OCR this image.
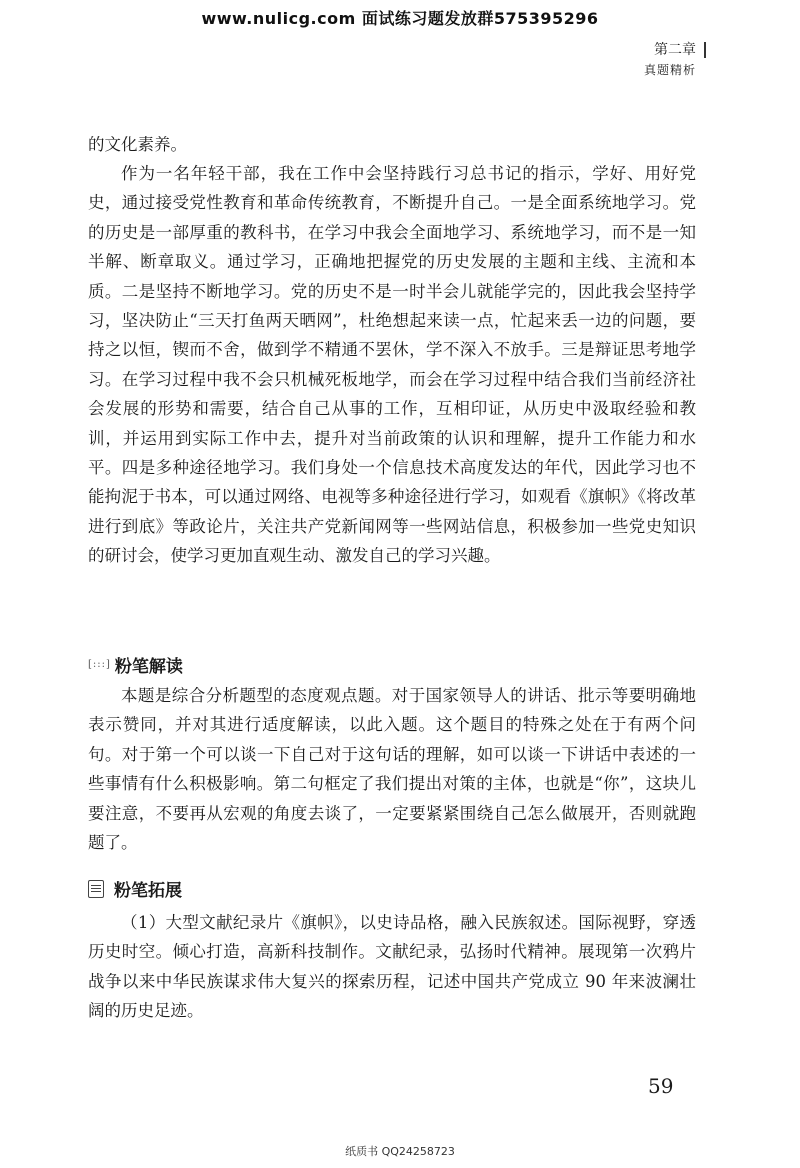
www.nulicg.com 面试练习题发放群575395296
第二章
真题精析

的文化素养。

作为一名年轻干部，我在工作中会坚持践行习总书记的指示，学好、用好党史，通过接受党性教育和革命传统教育，不断提升自己。一是全面系统地学习。党的历史是一部厚重的教科书，在学习中我会全面地学习、系统地学习，而不是一知半解、断章取义。通过学习，正确地把握党的历史发展的主题和主线、主流和本质。二是坚持不断地学习。党的历史不是一时半会儿就能学完的，因此我会坚持学习，坚决防止“三天打鱼两天晒网”，杜绝想起来读一点，忙起来丢一边的问题，要持之以恒，锲而不舍，做到学不精通不罢休，学不深入不放手。三是辩证思考地学习。在学习过程中我不会只机械死板地学，而会在学习过程中结合我们当前经济社会发展的形势和需要，结合自己从事的工作，互相印证，从历史中汲取经验和教训，并运用到实际工作中去，提升对当前政策的认识和理解，提升工作能力和水平。四是多种途径地学习。我们身处一个信息技术高度发达的年代，因此学习也不能拘泥于书本，可以通过网络、电视等多种途径进行学习，如观看《旗帜》《将改革进行到底》等政论片，关注共产党新闻网等一些网站信息，积极参加一些党史知识的研讨会，使学习更加直观生动、激发自己的学习兴趣。

[:::] 粉笔解读

本题是综合分析题型的态度观点题。对于国家领导人的讲话、批示等要明确地表示赞同，并对其进行适度解读，以此入题。这个题目的特殊之处在于有两个问句。对于第一个可以谈一下自己对于这句话的理解，如可以谈一下讲话中表述的一些事情有什么积极影响。第二句框定了我们提出对策的主体，也就是“你”，这块儿要注意，不要再从宏观的角度去谈了，一定要紧紧围绕自己怎么做展开，否则就跑题了。

粉笔拓展

（1）大型文献纪录片《旗帜》，以史诗品格，融入民族叙述。国际视野，穿透历史时空。倾心打造，高新科技制作。文献纪录，弘扬时代精神。展现第一次鸦片战争以来中华民族谋求伟大复兴的探索历程，记述中国共产党成立 90 年来波澜壮阔的历史足迹。

59
纸质书 QQ24258723
